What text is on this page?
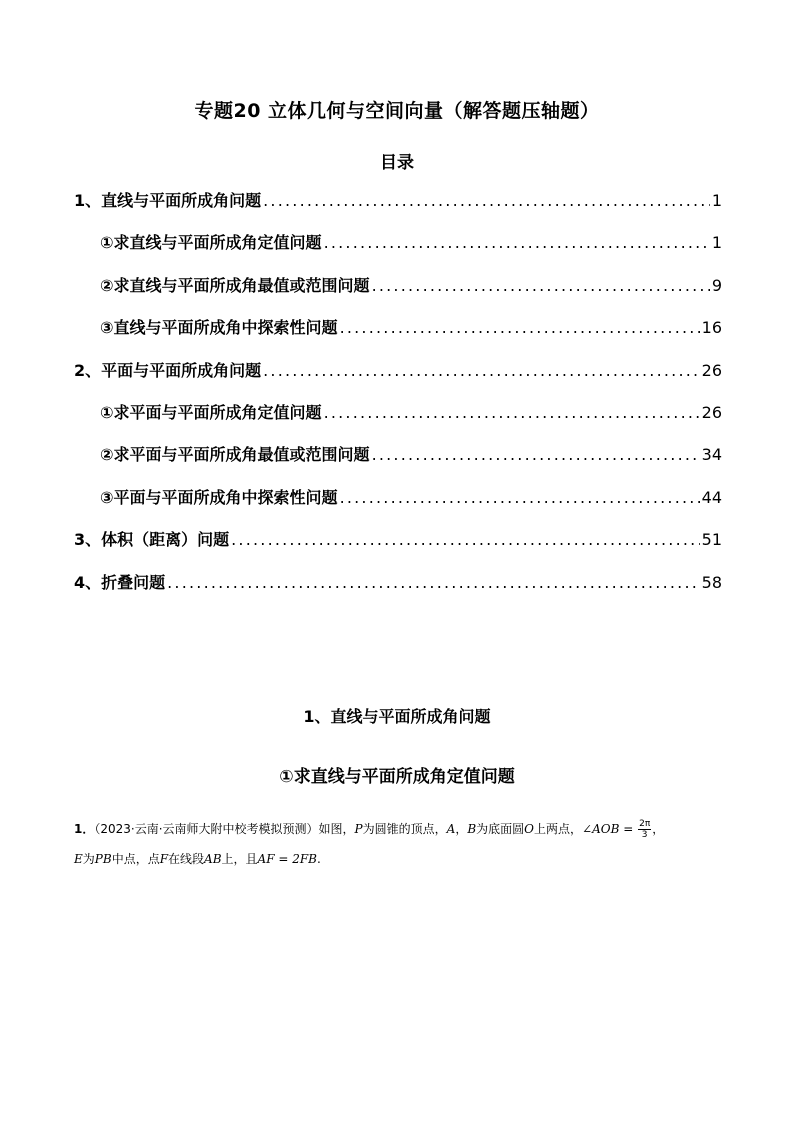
专题20 立体几何与空间向量（解答题压轴题）
目录
1、直线与平面所成角问题 .....	1
①求直线与平面所成角定值问题 .....	1
②求直线与平面所成角最值或范围问题 .....	9
③直线与平面所成角中探索性问题 .....	16
2、平面与平面所成角问题 .....	26
①求平面与平面所成角定值问题 .....	26
②求平面与平面所成角最值或范围问题 .....	34
③平面与平面所成角中探索性问题 .....	44
3、体积（距离）问题 .....	51
4、折叠问题 .....	58
1、直线与平面所成角问题
①求直线与平面所成角定值问题
1．（2023·云南·云南师大附中校考模拟预测）如图，P为圆锥的顶点，A，B为底面圆O上两点，∠AOB = $\frac{2\pi}{3}$ ，
E为PB中点，点F在线段AB上，且AF = 2FB.
